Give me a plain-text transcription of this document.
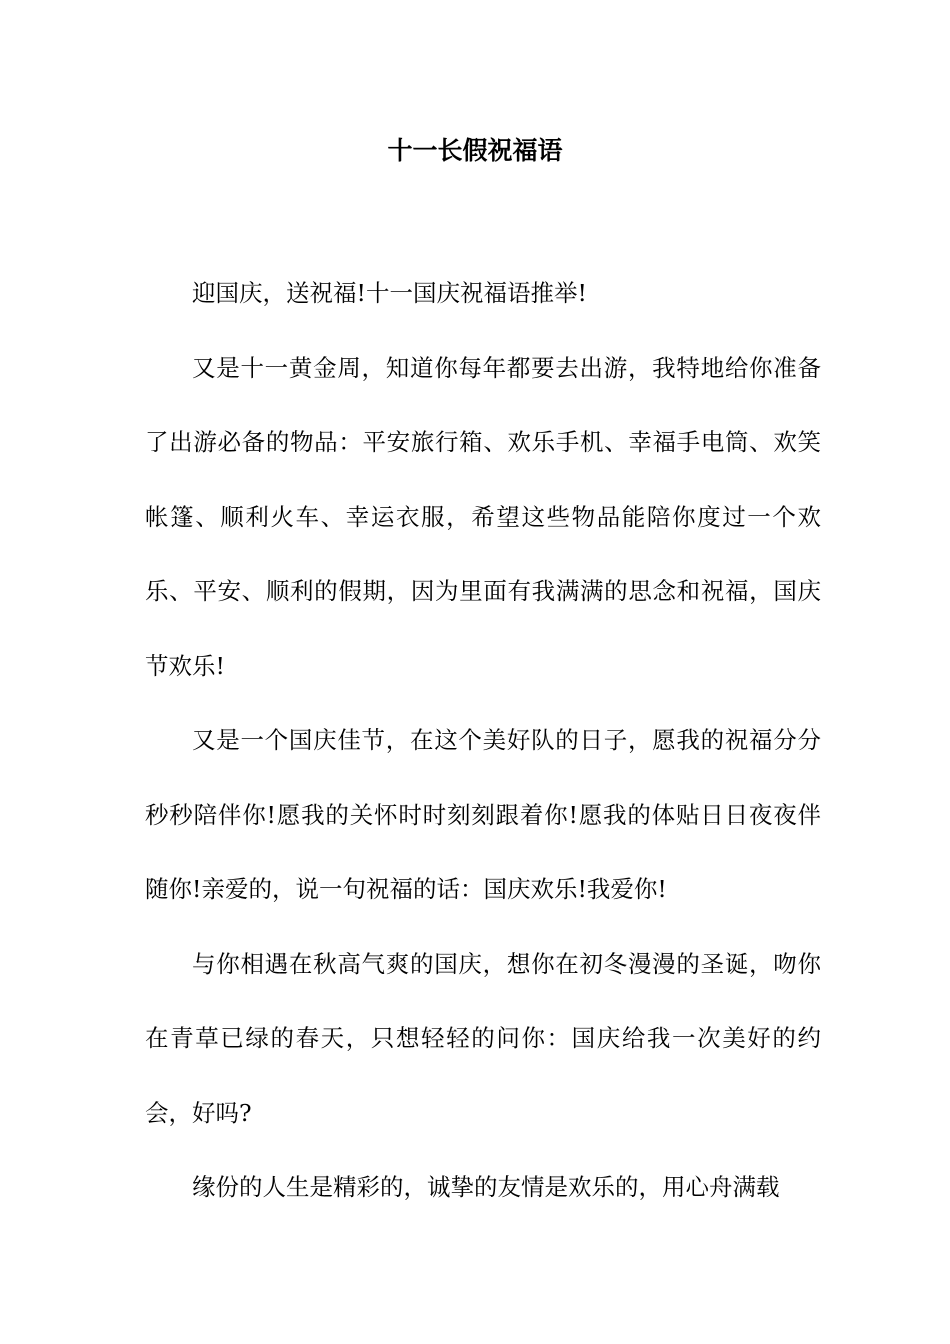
十一长假祝福语

迎国庆，送祝福!十一国庆祝福语推举!

又是十一黄金周，知道你每年都要去出游，我特地给你准备了出游必备的物品：平安旅行箱、欢乐手机、幸福手电筒、欢笑帐篷、顺利火车、幸运衣服，希望这些物品能陪你度过一个欢乐、平安、顺利的假期，因为里面有我满满的思念和祝福，国庆节欢乐!

又是一个国庆佳节，在这个美好队的日子，愿我的祝福分分秒秒陪伴你!愿我的关怀时时刻刻跟着你!愿我的体贴日日夜夜伴随你!亲爱的，说一句祝福的话：国庆欢乐!我爱你!

与你相遇在秋高气爽的国庆，想你在初冬漫漫的圣诞，吻你在青草已绿的春天，只想轻轻的问你：国庆给我一次美好的约会，好吗?

缘份的人生是精彩的，诚挚的友情是欢乐的，用心舟满载
